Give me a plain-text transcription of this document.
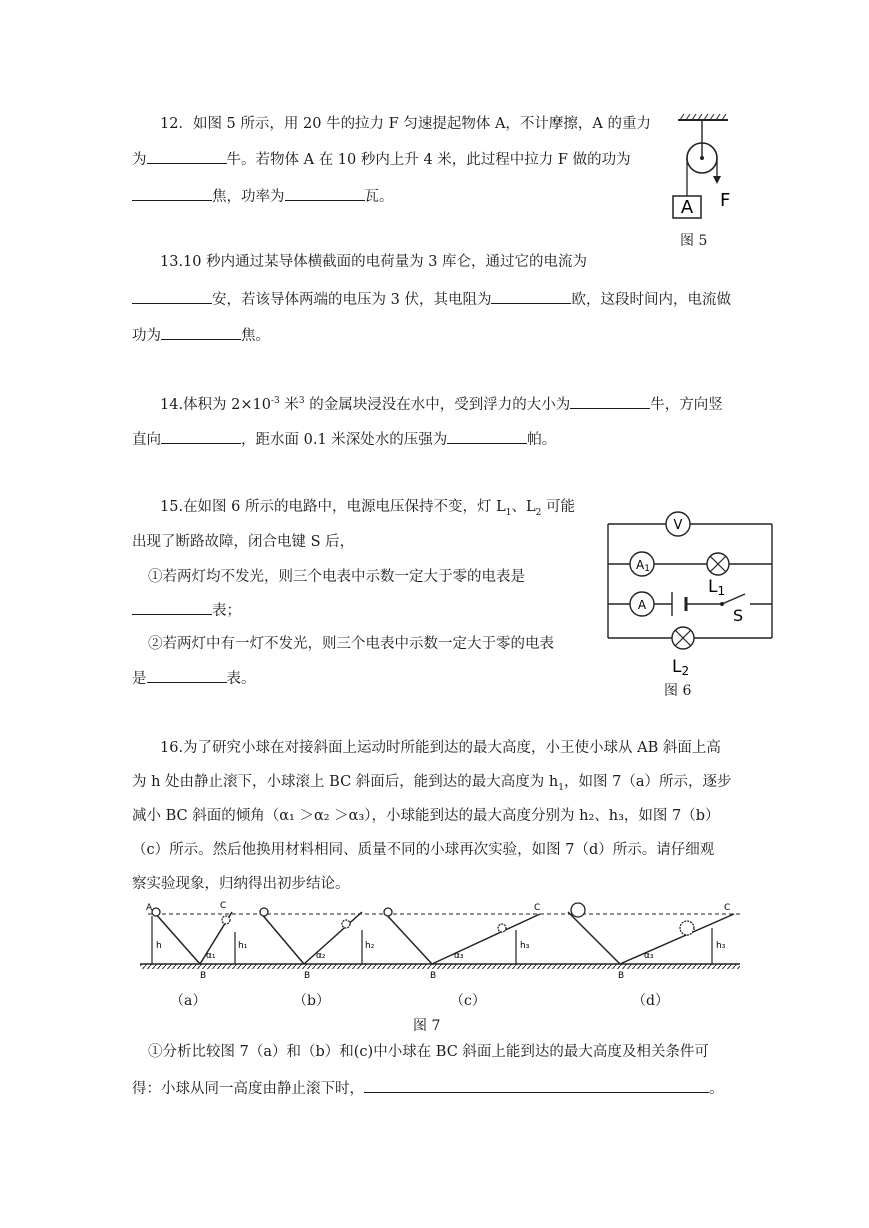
12．如图 5 所示，用 20 牛的拉力 F 匀速提起物体 A，不计摩擦，A 的重力
为	牛。若物体 A 在 10 秒内上升 4 米，此过程中拉力 F 做的功为
焦，功率为	瓦。	A F
图 5
13.10 秒内通过某导体横截面的电荷量为 3 库仑，通过它的电流为
安，若该导体两端的电压为 3 伏，其电阻为	欧，这段时间内，电流做
功为	焦。
14.体积为 $2\times 10^{-3}$ 米$^3$ 的金属块浸没在水中，受到浮力的大小为	牛，方向竖
直向	，距水面 0.1 米深处水的压强为	帕。
15.在如图 6 所示的电路中，电源电压保持不变，灯 $L_1$、$L_2$ 可能
出现了断路故障，闭合电键 S 后，
①若两灯均不发光，则三个电表中示数一定大于零的电表是
表；
②若两灯中有一灯不发光，则三个电表中示数一定大于零的电表
是	表。
V
A1
A
L1
S
L2
图 6
16.为了研究小球在对接斜面上运动时所能到达的最大高度，小王使小球从 AB 斜面上高
为 h 处由静止滚下，小球滚上 BC 斜面后，能到达的最大高度为 $h_1$，如图 7（a）所示，逐步
减小 BC 斜面的倾角（α₁ ＞α₂ ＞α₃），小球能到达的最大高度分别为 h₂、h₃，如图 7（b）
（c）所示。然后他换用材料相同、质量不同的小球再次实验，如图 7（d）所示。请仔细观
察实验现象，归纳得出初步结论。
A	C
B	B	B	B
C	C
h	h₁
α₁
h₂
α₂
h₃
α₃
h₃
α₃
（a）	（b）	（c）	（d）
图 7
①分析比较图 7（a）和（b）和(c)中小球在 BC 斜面上能到达的最大高度及相关条件可
得：小球从同一高度由静止滚下时，	。
